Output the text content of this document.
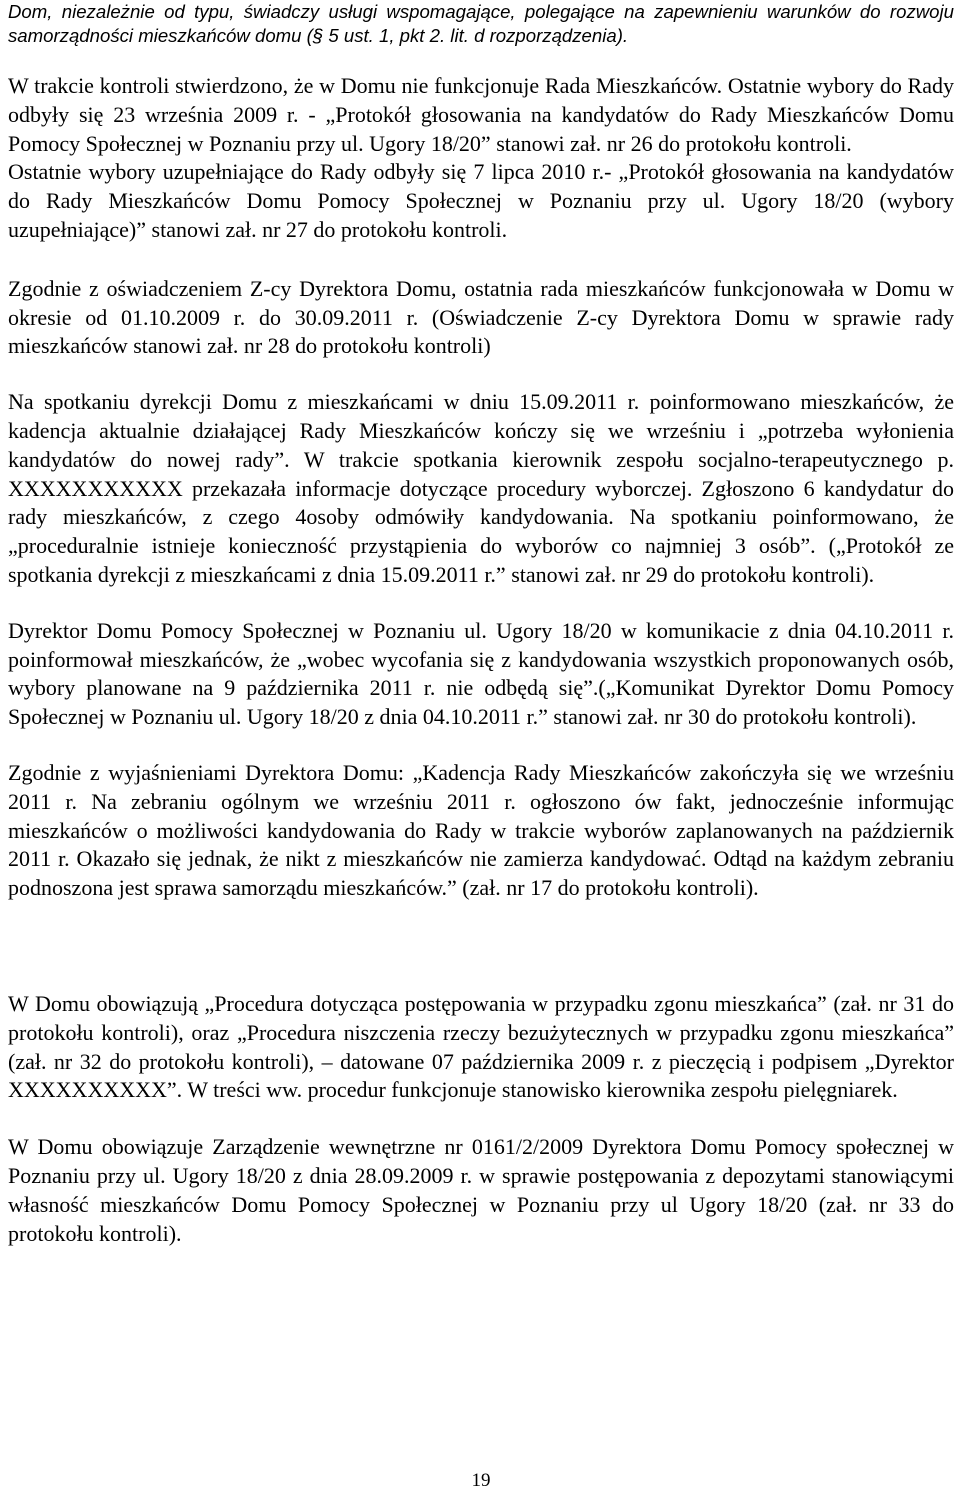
Dom, niezależnie od typu, świadczy usługi wspomagające, polegające na zapewnieniu warunków do rozwoju samorządności mieszkańców domu (§ 5 ust. 1, pkt 2. lit. d rozporządzenia).

W trakcie kontroli stwierdzono, że w Domu nie funkcjonuje Rada Mieszkańców. Ostatnie wybory do Rady odbyły się 23 września 2009 r. - „Protokół głosowania na kandydatów do Rady Mieszkańców Domu Pomocy Społecznej w Poznaniu przy ul. Ugory 18/20” stanowi zał. nr 26 do protokołu kontroli.

Ostatnie wybory uzupełniające do Rady odbyły się 7 lipca 2010 r.- „Protokół głosowania na kandydatów do Rady Mieszkańców Domu Pomocy Społecznej w Poznaniu przy ul. Ugory 18/20 (wybory uzupełniające)” stanowi zał. nr 27 do protokołu kontroli.

Zgodnie z oświadczeniem Z-cy Dyrektora Domu, ostatnia rada mieszkańców funkcjonowała w Domu w okresie od 01.10.2009 r. do 30.09.2011 r. (Oświadczenie Z-cy Dyrektora Domu w sprawie rady mieszkańców stanowi zał. nr 28 do protokołu kontroli)

Na spotkaniu dyrekcji Domu z mieszkańcami w dniu 15.09.2011 r. poinformowano mieszkańców, że kadencja aktualnie działającej Rady Mieszkańców kończy się we wrześniu i „potrzeba wyłonienia kandydatów do nowej rady”. W trakcie spotkania kierownik zespołu socjalno-terapeutycznego p. XXXXXXXXXXX przekazała informacje dotyczące procedury wyborczej. Zgłoszono 6 kandydatur do rady mieszkańców, z czego 4osoby odmówiły kandydowania. Na spotkaniu poinformowano, że „proceduralnie istnieje konieczność przystąpienia do wyborów co najmniej 3 osób”. („Protokół ze spotkania dyrekcji z mieszkańcami z dnia 15.09.2011 r.” stanowi zał. nr 29 do protokołu kontroli).

Dyrektor Domu Pomocy Społecznej w Poznaniu ul. Ugory 18/20 w komunikacie z dnia 04.10.2011 r. poinformował mieszkańców, że „wobec wycofania się z kandydowania wszystkich proponowanych osób, wybory planowane na 9 października 2011 r. nie odbędą się”.(„Komunikat Dyrektor Domu Pomocy Społecznej w Poznaniu ul. Ugory 18/20 z dnia 04.10.2011 r.” stanowi zał. nr 30 do protokołu kontroli).

Zgodnie z wyjaśnieniami Dyrektora Domu: „Kadencja Rady Mieszkańców zakończyła się we wrześniu 2011 r. Na zebraniu ogólnym we wrześniu 2011 r. ogłoszono ów fakt, jednocześnie informując mieszkańców o możliwości kandydowania do Rady w trakcie wyborów zaplanowanych na październik 2011 r. Okazało się jednak, że nikt z mieszkańców nie zamierza kandydować. Odtąd na każdym zebraniu podnoszona jest sprawa samorządu mieszkańców.” (zał. nr 17 do protokołu kontroli).

W Domu obowiązują „Procedura dotycząca postępowania w przypadku zgonu mieszkańca” (zał. nr 31 do protokołu kontroli), oraz „Procedura niszczenia rzeczy bezużytecznych w przypadku zgonu mieszkańca” (zał. nr 32 do protokołu kontroli), – datowane 07 października 2009 r. z pieczęcią i podpisem „Dyrektor XXXXXXXXXX”. W treści ww. procedur funkcjonuje stanowisko kierownika zespołu pielęgniarek.

W Domu obowiązuje Zarządzenie wewnętrzne nr 0161/2/2009 Dyrektora Domu Pomocy społecznej w Poznaniu przy ul. Ugory 18/20 z dnia 28.09.2009 r. w sprawie postępowania z depozytami stanowiącymi własność mieszkańców Domu Pomocy Społecznej w Poznaniu przy ul Ugory 18/20 (zał. nr 33 do protokołu kontroli).

19
